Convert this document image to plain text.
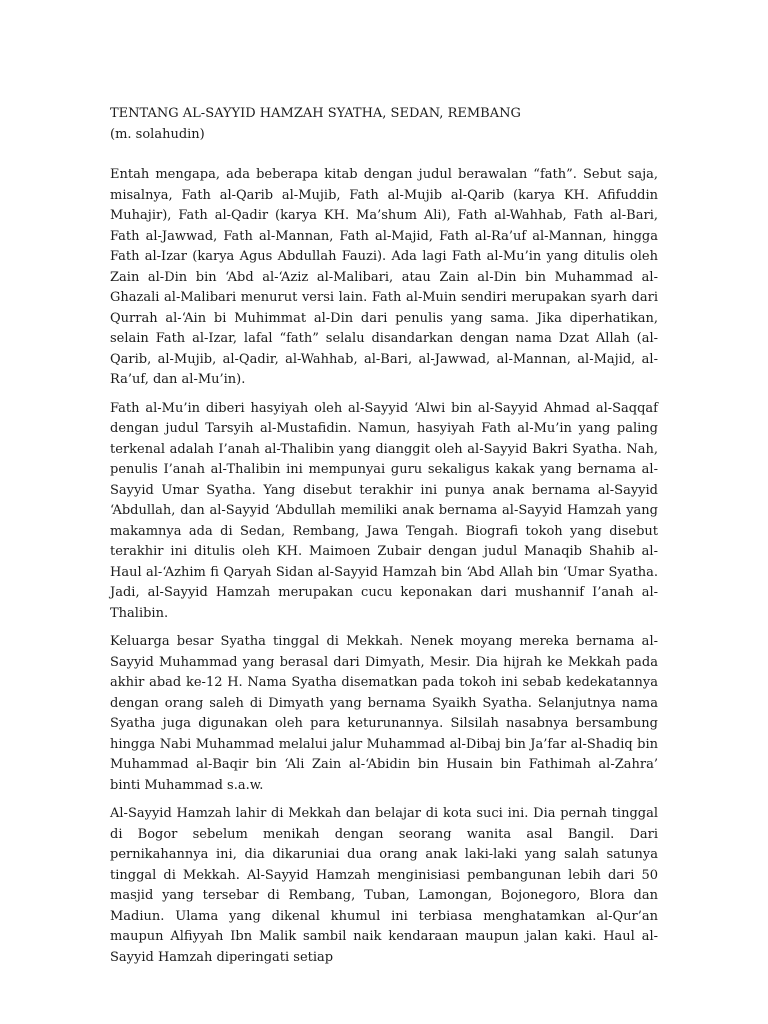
TENTANG AL-SAYYID HAMZAH SYATHA, SEDAN, REMBANG

(m. solahudin)

Entah mengapa, ada beberapa kitab dengan judul berawalan “fath”. Sebut saja, misalnya, Fath al-Qarib al-Mujib, Fath al-Mujib al-Qarib (karya KH. Afifuddin Muhajir), Fath al-Qadir (karya KH. Ma’shum Ali), Fath al-Wahhab, Fath al-Bari, Fath al-Jawwad, Fath al-Mannan, Fath al-Majid, Fath al-Ra’uf al-Mannan, hingga Fath al-Izar (karya Agus Abdullah Fauzi). Ada lagi Fath al-Mu’in yang ditulis oleh Zain al-Din bin ‘Abd al-‘Aziz al-Malibari, atau Zain al-Din bin Muhammad al-Ghazali al-Malibari menurut versi lain. Fath al-Muin sendiri merupakan syarh dari Qurrah al-‘Ain bi Muhimmat al-Din dari penulis yang sama. Jika diperhatikan, selain Fath al-Izar, lafal “fath” selalu disandarkan dengan nama Dzat Allah (al-Qarib, al-Mujib, al-Qadir, al-Wahhab, al-Bari, al-Jawwad, al-Mannan, al-Majid, al-Ra’uf, dan al-Mu’in).

Fath al-Mu’in diberi hasyiyah oleh al-Sayyid ‘Alwi bin al-Sayyid Ahmad al-Saqqaf dengan judul Tarsyih al-Mustafidin. Namun, hasyiyah Fath al-Mu’in yang paling terkenal adalah I’anah al-Thalibin yang dianggit oleh al-Sayyid Bakri Syatha. Nah, penulis I’anah al-Thalibin ini mempunyai guru sekaligus kakak yang bernama al-Sayyid Umar Syatha. Yang disebut terakhir ini punya anak bernama al-Sayyid ‘Abdullah, dan al-Sayyid ‘Abdullah memiliki anak bernama al-Sayyid Hamzah yang makamnya ada di Sedan, Rembang, Jawa Tengah. Biografi tokoh yang disebut terakhir ini ditulis oleh KH. Maimoen Zubair dengan judul Manaqib Shahib al-Haul al-‘Azhim fi Qaryah Sidan al-Sayyid Hamzah bin ‘Abd Allah bin ‘Umar Syatha. Jadi, al-Sayyid Hamzah merupakan cucu keponakan dari mushannif I’anah al-Thalibin.

Keluarga besar Syatha tinggal di Mekkah. Nenek moyang mereka bernama al-Sayyid Muhammad yang berasal dari Dimyath, Mesir. Dia hijrah ke Mekkah pada akhir abad ke-12 H. Nama Syatha disematkan pada tokoh ini sebab kedekatannya dengan orang saleh di Dimyath yang bernama Syaikh Syatha. Selanjutnya nama Syatha juga digunakan oleh para keturunannya. Silsilah nasabnya bersambung hingga Nabi Muhammad melalui jalur Muhammad al-Dibaj bin Ja’far al-Shadiq bin Muhammad al-Baqir bin ‘Ali Zain al-‘Abidin bin Husain bin Fathimah al-Zahra’ binti Muhammad s.a.w.

Al-Sayyid Hamzah lahir di Mekkah dan belajar di kota suci ini. Dia pernah tinggal di Bogor sebelum menikah dengan seorang wanita asal Bangil. Dari pernikahannya ini, dia dikaruniai dua orang anak laki-laki yang salah satunya tinggal di Mekkah. Al-Sayyid Hamzah menginisiasi pembangunan lebih dari 50 masjid yang tersebar di Rembang, Tuban, Lamongan, Bojonegoro, Blora dan Madiun. Ulama yang dikenal khumul ini terbiasa menghatamkan al-Qur’an maupun Alfiyyah Ibn Malik sambil naik kendaraan maupun jalan kaki. Haul al-Sayyid Hamzah diperingati setiap
